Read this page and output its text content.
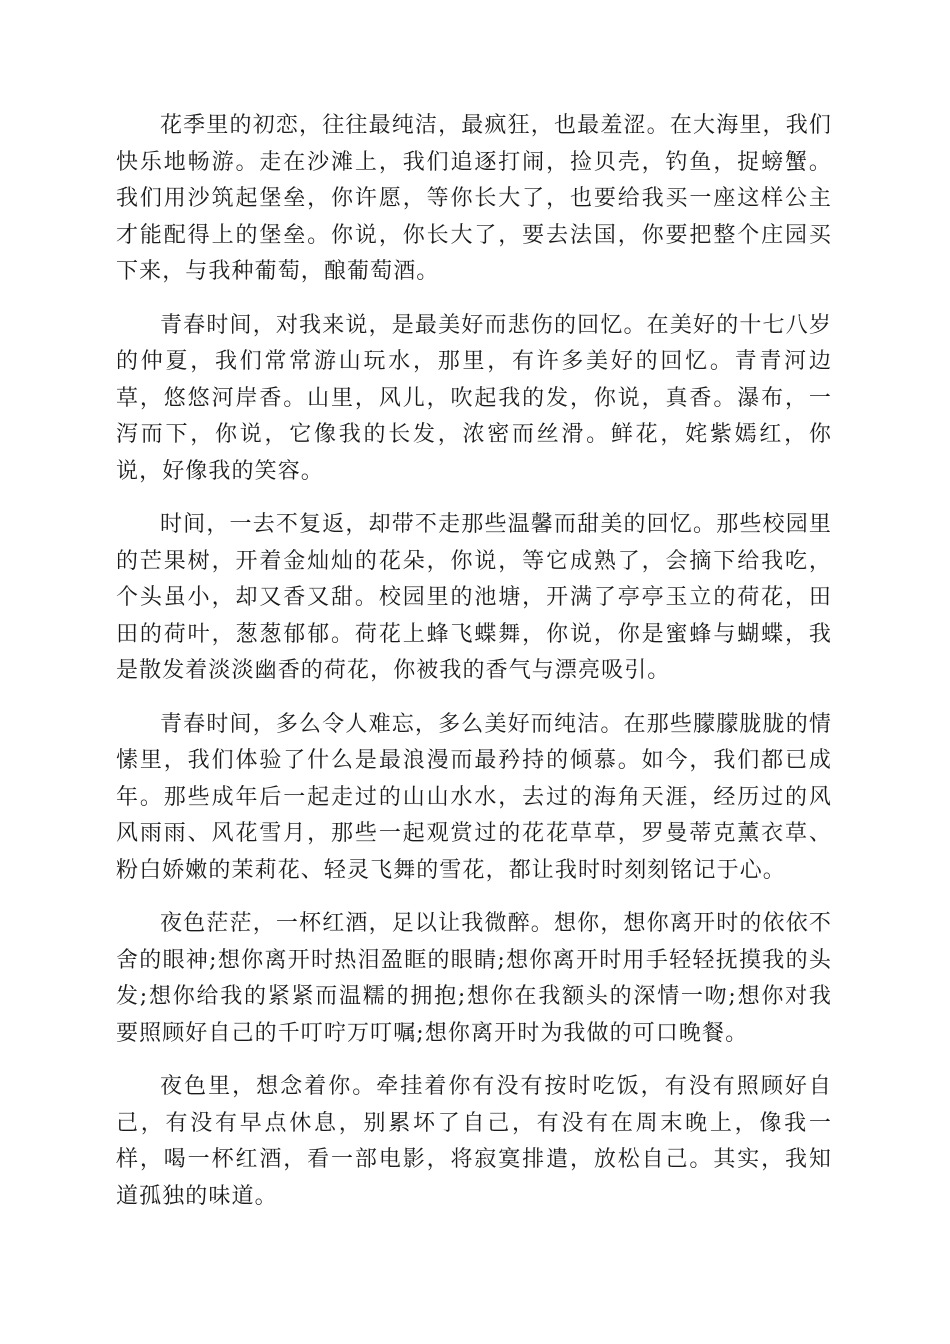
花季里的初恋，往往最纯洁，最疯狂，也最羞涩。在大海里，我们快乐地畅游。走在沙滩上，我们追逐打闹，捡贝壳，钓鱼，捉螃蟹。我们用沙筑起堡垒，你许愿，等你长大了，也要给我买一座这样公主才能配得上的堡垒。你说，你长大了，要去法国，你要把整个庄园买下来，与我种葡萄，酿葡萄酒。

青春时间，对我来说，是最美好而悲伤的回忆。在美好的十七八岁的仲夏，我们常常游山玩水，那里，有许多美好的回忆。青青河边草，悠悠河岸香。山里，风儿，吹起我的发，你说，真香。瀑布，一泻而下，你说，它像我的长发，浓密而丝滑。鲜花，姹紫嫣红，你说，好像我的笑容。

时间，一去不复返，却带不走那些温馨而甜美的回忆。那些校园里的芒果树，开着金灿灿的花朵，你说，等它成熟了，会摘下给我吃，个头虽小，却又香又甜。校园里的池塘，开满了亭亭玉立的荷花，田田的荷叶，葱葱郁郁。荷花上蜂飞蝶舞，你说，你是蜜蜂与蝴蝶，我是散发着淡淡幽香的荷花，你被我的香气与漂亮吸引。

青春时间，多么令人难忘，多么美好而纯洁。在那些朦朦胧胧的情愫里，我们体验了什么是最浪漫而最矜持的倾慕。如今，我们都已成年。那些成年后一起走过的山山水水，去过的海角天涯，经历过的风风雨雨、风花雪月，那些一起观赏过的花花草草，罗曼蒂克薰衣草、粉白娇嫩的茉莉花、轻灵飞舞的雪花，都让我时时刻刻铭记于心。

夜色茫茫，一杯红酒，足以让我微醉。想你，想你离开时的依依不舍的眼神;想你离开时热泪盈眶的眼睛;想你离开时用手轻轻抚摸我的头发;想你给我的紧紧而温糯的拥抱;想你在我额头的深情一吻;想你对我要照顾好自己的千叮咛万叮嘱;想你离开时为我做的可口晚餐。

夜色里，想念着你。牵挂着你有没有按时吃饭，有没有照顾好自己，有没有早点休息，别累坏了自己，有没有在周末晚上，像我一样，喝一杯红酒，看一部电影，将寂寞排遣，放松自己。其实，我知道孤独的味道。
